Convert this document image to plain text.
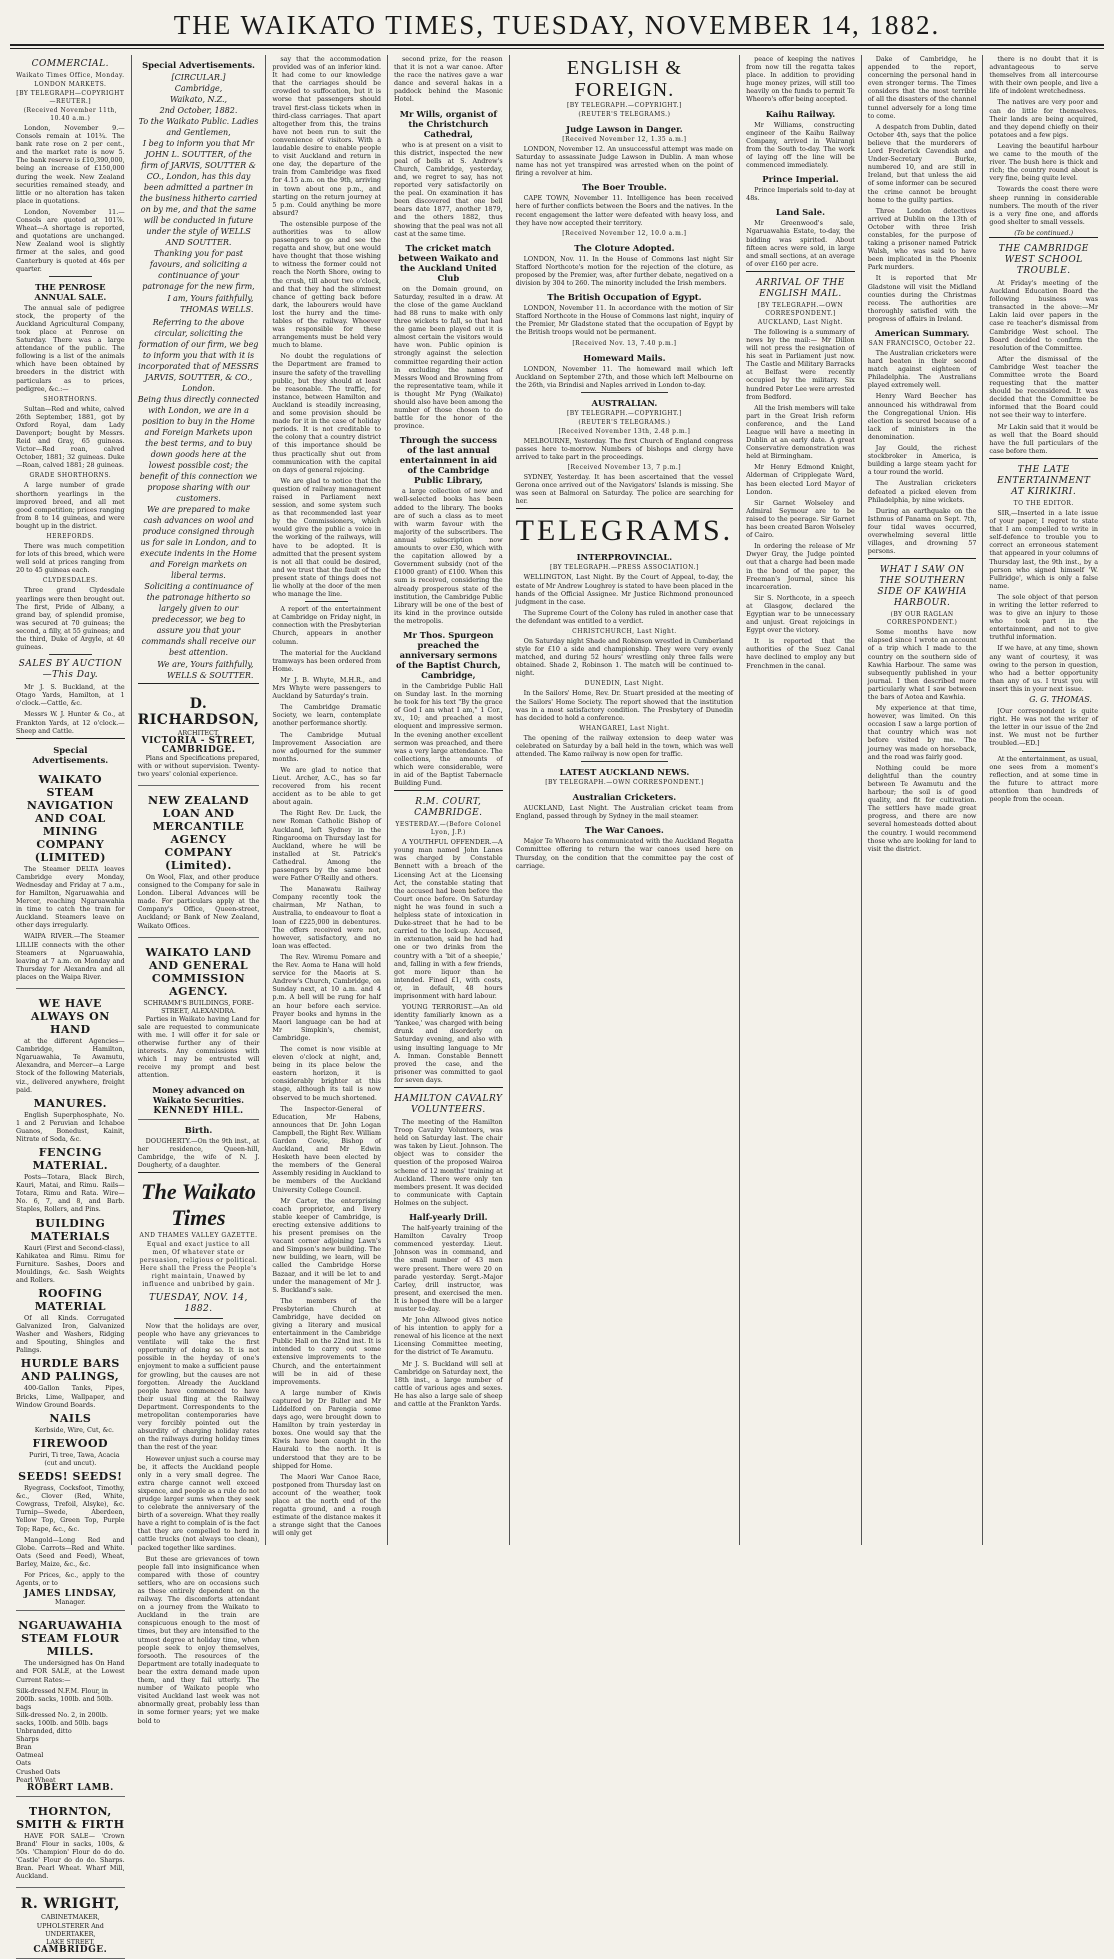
THE WAIKATO TIMES, TUESDAY, NOVEMBER 14, 1882.
COMMERCIAL.
Waikato Times Office, Monday.
LONDON MARKETS.
[BY TELEGRAPH—COPYRIGHT—REUTER.]
(Received November 11th, 10.40 a.m.)

London, November 9.—Consols remain at 101¾. The bank rate rose on 2 per cent., and the market rate is now 5. The bank reserve is £10,390,000, being an increase of £150,000 during the week. New Zealand securities remained steady, and little or no alteration has taken place in quotations.

London, November 11.—Consols are quoted at 101⅞. Wheat—A shortage is reported, and quotations are unchanged. New Zealand wool is slightly firmer at the sales, and good Canterbury is quoted at 46s per quarter.

THE PENROSE ANNUAL SALE.

The annual sale of pedigree stock, the property of the Auckland Agricultural Company, took place at Penrose on Saturday. There was a large attendance of the public. The following is a list of the animals which have been obtained by breeders in the district with particulars as to prices, pedigree, &c.:—

SHORTHORNS.

Sultan—Red and white, calved 26th September, 1881, got by Oxford Royal, dam Lady Davenport; bought by Messrs. Reid and Gray, 65 guineas. Victor—Red roan, calved October, 1881; 32 guineas. Duke—Roan, calved 1881; 28 guineas.

GRADE SHORTHORNS.

A large number of grade shorthorn yearlings in the improved breed, and all met good competition; prices ranging from 8 to 14 guineas, and were bought up in the district.

HEREFORDS.

There was much competition for lots of this breed, which were well sold at prices ranging from 20 to 45 guineas each.

CLYDESDALES.

Three grand Clydesdale yearlings were then brought out. The first, Pride of Albany, a grand bay, of splendid promise, was secured at 70 guineas; the second, a filly, at 55 guineas; and the third, Duke of Argyle, at 40 guineas.

SALES BY AUCTION—This Day.

Mr J. S. Buckland, at the Otago Yards, Hamilton, at 1 o'clock.—Cattle, &c.

Messrs W. J. Hunter & Co., at Frankton Yards, at 12 o'clock.—Sheep and Cattle.

Special Advertisements.
WAIKATO STEAM NAVIGATION AND COAL MINING COMPANY (LIMITED)

The Steamer DELTA leaves Cambridge every Monday, Wednesday and Friday at 7 a.m., for Hamilton, Ngaruawahia and Mercer, reaching Ngaruawahia in time to catch the train for Auckland. Steamers leave on other days irregularly.

WAIPA RIVER.—The Steamer LILLIE connects with the other Steamers at Ngaruawahia, leaving at 7 a.m. on Monday and Thursday for Alexandra and all places on the Waipa River.

WE HAVE ALWAYS ON HAND

at the different Agencies—Cambridge, Hamilton, Ngaruawahia, Te Awamutu, Alexandra, and Mercer—a Large Stock of the following Materials, viz., delivered anywhere, freight paid.

MANURES.

English Superphosphate, No. 1 and 2 Peruvian and Ichaboe Guanos, Bonedust, Kainit, Nitrate of Soda, &c.

FENCING MATERIAL.

Posts—Totara, Black Birch, Kauri, Matai, and Rimu. Rails—Totara, Rimu and Rata. Wire—No. 6, 7, and 8, and Barb. Staples, Rollers, and Pins.

BUILDING MATERIALS

Kauri (First and Second-class), Kahikatea and Rimu. Rimu for Furniture. Sashes, Doors and Mouldings, &c. Sash Weights and Rollers.

ROOFING MATERIAL

Of all Kinds. Corrugated Galvanized Iron, Galvanized Washer and Washers, Ridging and Spouting, Shingles and Palings.

HURDLE BARS AND PALINGS,

400-Gallon Tanks, Pipes, Bricks, Lime, Wallpaper, and Window Ground Boards.

NAILS

Kerbside, Wire, Cut, &c.

FIREWOOD

Puriri, Ti tree, Tawa, Acacia (cut and uncut).

SEEDS! SEEDS!

Ryegrass, Cocksfoot, Timothy, &c., Clover (Red, White, Cowgrass, Trefoil, Alsyke), &c. Turnip—Swede, Aberdeen, Yellow Top, Green Top, Purple Top; Rape, &c., &c.

Mangold—Long Red and Globe. Carrots—Red and White. Oats (Seed and Feed), Wheat, Barley, Maize, &c., &c.

For Prices, &c., apply to the Agents, or to

JAMES LINDSAY,
Manager.
NGARUAWAHIA STEAM FLOUR MILLS.

The undersigned has On Hand and FOR SALE, at the Lowest Current Rates:—

Silk-dressed N.F.M. Flour, in 200lb. sacks, 100lb. and 50lb. bags
Silk-dressed No. 2, in 200lb. sacks, 100lb. and 50lb. bags
Unbranded, ditto
Sharps
Bran
Oatmeal
Oats
Crushed Oats
Pearl Wheat
ROBERT LAMB.
THORNTON, SMITH & FIRTH

HAVE FOR SALE— 'Crown Brand' Flour in sacks, 100s, & 50s. 'Champion' Flour do do do. 'Castle' Flour do do do. Sharps. Bran. Pearl Wheat. Wharf Mill, Auckland.

R. WRIGHT,
CABINETMAKER, UPHOLSTERER And UNDERTAKER,
LAKE STREET,
CAMBRIDGE.
Special Advertisements.
[CIRCULAR.]
Cambridge,
Waikato, N.Z.,
2nd October, 1882.
To the Waikato Public. Ladies and Gentlemen,
I beg to inform you that Mr JOHN L. SOUTTER, of the firm of JARVIS, SOUTTER & CO., London, has this day been admitted a partner in the business hitherto carried on by me, and that the same will be conducted in future under the style of WELLS AND SOUTTER.
Thanking you for past favours, and soliciting a continuance of your patronage for the new firm,
I am, Yours faithfully,
THOMAS WELLS.
Referring to the above circular, soliciting the formation of our firm, we beg to inform you that with it is incorporated that of MESSRS JARVIS, SOUTTER, & CO., London.
Being thus directly connected with London, we are in a position to buy in the Home and Foreign Markets upon the best terms, and to buy down goods here at the lowest possible cost; the benefit of this connection we propose sharing with our customers.
We are prepared to make cash advances on wool and produce consigned through us for sale in London, and to execute indents in the Home and Foreign markets on liberal terms.
Soliciting a continuance of the patronage hitherto so largely given to our predecessor, we beg to assure you that your commands shall receive our best attention.
We are, Yours faithfully,
WELLS & SOUTTER.
D. RICHARDSON,
ARCHITECT,
VICTORIA - STREET, CAMBRIDGE.

Plans and Specifications prepared, with or without supervision. Twenty-two years' colonial experience.

NEW ZEALAND LOAN AND MERCANTILE AGENCY COMPANY (Limited).

On Wool, Flax, and other produce consigned to the Company for sale in London. Liberal Advances will be made. For particulars apply at the Company's Office, Queen-street, Auckland; or Bank of New Zealand, Waikato Offices.

WAIKATO LAND AND GENERAL COMMISSION AGENCY.
SCHRAMM'S BUILDINGS, FORE-STREET, ALEXANDRA.

Parties in Waikato having Land for sale are requested to communicate with me. I will offer it for sale or otherwise further any of their interests. Any commissions with which I may be entrusted will receive my prompt and best attention.

Money advanced on Waikato Securities.
KENNEDY HILL.
Birth.

DOUGHERTY.—On the 9th inst., at her residence, Queen-hill, Cambridge, the wife of N. J. Dougherty, of a daughter.

The Waikato Times
AND THAMES VALLEY GAZETTE.
Equal and exact justice to all men, Of whatever state or persuasion, religious or political. Here shall the Press the People's right maintain, Unawed by influence and unbribed by gain.
TUESDAY, NOV. 14, 1882.

Now that the holidays are over, people who have any grievances to ventilate will take the first opportunity of doing so. It is not possible in the heyday of one's enjoyment to make a sufficient pause for growling, but the causes are not forgotten. Already the Auckland people have commenced to have their usual fling at the Railway Department. Correspondents to the metropolitan contemporaries have very forcibly pointed out the absurdity of charging holiday rates on the railways during holiday times than the rest of the year.

However unjust such a course may be, it affects the Auckland people only in a very small degree. The extra charge cannot well exceed sixpence, and people as a rule do not grudge larger sums when they seek to celebrate the anniversary of the birth of a sovereign. What they really have a right to complain of is the fact that they are compelled to herd in cattle trucks (not always too clean), packed together like sardines.

But these are grievances of town people fall into insignificance when compared with those of country settlers, who are on occasions such as these entirely dependent on the railway. The discomforts attendant on a journey from the Waikato to Auckland in the train are conspicuous enough to the most of times, but they are intensified to the utmost degree at holiday time, when people seek to enjoy themselves, forsooth. The resources of the Department are totally inadequate to bear the extra demand made upon them, and they fail utterly. The number of Waikato people who visited Auckland last week was not abnormally great, probably less than in some former years; yet we make bold to

say that the accommodation provided was of an inferior kind. It had come to our knowledge that the carriages should be crowded to suffocation, but it is worse that passengers should travel first-class tickets when in third-class carriages. That apart altogether from this, the trains have not been run to suit the convenience of visitors. With a laudable desire to enable people to visit Auckland and return in one day, the departure of the train from Cambridge was fixed for 4.15 a.m. on the 9th, arriving in town about one p.m., and starting on the return journey at 5 p.m. Could anything be more absurd?

The ostensible purpose of the authorities was to allow passengers to go and see the regatta and show, but one would have thought that those wishing to witness the former could not reach the North Shore, owing to the crush, till about two o'clock, and that they had the slimmest chance of getting back before dark, the labourers would have lost the hurry and the time-tables of the railway. Whoever was responsible for these arrangements must be held very much to blame.

No doubt the regulations of the Department are framed to insure the safety of the travelling public, but they should at least be reasonable. The traffic, for instance, between Hamilton and Auckland is steadily increasing, and some provision should be made for it in the case of holiday periods. It is not creditable to the colony that a country district of this importance should be thus practically shut out from communication with the capital on days of general rejoicing.

We are glad to notice that the question of railway management raised in Parliament next session, and some system such as that recommended last year by the Commissioners, which would give the public a voice in the working of the railways, will have to be adopted. It is admitted that the present system is not all that could be desired, and we trust that the fault of the present state of things does not lie wholly at the door of the men who manage the line.

A report of the entertainment at Cambridge on Friday night, in connection with the Presbyterian Church, appears in another column.

The material for the Auckland tramways has been ordered from Home.

Mr J. B. Whyte, M.H.R., and Mrs Whyte were passengers to Auckland by Saturday's train.

The Cambridge Dramatic Society, we learn, contemplate another performance shortly.

The Cambridge Mutual Improvement Association are now adjourned for the summer months.

We are glad to notice that Lieut. Archer, A.C., has so far recovered from his recent accident as to be able to get about again.

The Right Rev. Dr. Luck, the new Roman Catholic Bishop of Auckland, left Sydney in the Ringarooma on Thursday last for Auckland, where he will be installed at St. Patrick's Cathedral. Among the passengers by the same boat were Father O'Reilly and others.

The Manawatu Railway Company recently took the chairman, Mr Nathan, to Australia, to endeavour to float a loan of £225,000 in debentures. The offers received were not, however, satisfactory, and no loan was effected.

The Rev. Wiremu Pomare and the Rev. Aoma te Hana will hold service for the Maoris at S. Andrew's Church, Cambridge, on Sunday next, at 10 a.m. and 4 p.m. A bell will be rung for half an hour before each service. Prayer books and hymns in the Maori language can be had at Mr Simpkin's, chemist, Cambridge.

The comet is now visible at eleven o'clock at night, and, being in its place below the eastern horizon, it is considerably brighter at this stage, although its tail is now observed to be much shortened.

The Inspector-General of Education, Mr Habens, announces that Dr. John Logan Campbell, the Right Rev. William Garden Cowie, Bishop of Auckland, and Mr Edwin Hesketh have been elected by the members of the General Assembly residing in Auckland to be members of the Auckland University College Council.

Mr Carter, the enterprising coach proprietor, and livery stable keeper of Cambridge, is erecting extensive additions to his present premises on the vacant corner adjoining Lawn's and Simpson's new building. The new building, we learn, will be called the Cambridge Horse Bazaar, and it will be let to and under the management of Mr J. S. Buckland's sale.

The members of the Presbyterian Church at Cambridge, have decided on giving a literary and musical entertainment in the Cambridge Public Hall on the 22nd inst. It is intended to carry out some extensive improvements to the Church, and the entertainment will be in aid of these improvements.

A large number of Kiwis captured by Dr Buller and Mr Liddelford on Parengia some days ago, were brought down to Hamilton by train yesterday in boxes. One would say that the Kiwis have been caught in the Hauraki to the north. It is understood that they are to be shipped for Home.

The Maori War Canoe Race, postponed from Thursday last on account of the weather, took place at the north end of the regatta ground, and a rough estimate of the distance makes it a strange sight that the Canoes will only get

second prize, for the reason that it is not a war canoe. After the race the natives gave a war dance and several hakas in a paddock behind the Masonic Hotel.

Mr Wills, organist of the Christchurch Cathedral,

who is at present on a visit to this district, inspected the new peal of bells at S. Andrew's Church, Cambridge, yesterday, and, we regret to say, has not reported very satisfactorily on the peal. On examination it has been discovered that one bell bears date 1877, another 1879, and the others 1882, thus showing that the peal was not all cast at the same time.

The cricket match between Waikato and the Auckland United Club

on the Domain ground, on Saturday, resulted in a draw. At the close of the game Auckland had 88 runs to make with only three wickets to fall, so that had the game been played out it is almost certain the visitors would have won. Public opinion is strongly against the selection committee regarding their action in excluding the names of Messrs Wood and Browning from the representative team, while it is thought Mr Pyng (Waikato) should also have been among the number of those chosen to do battle for the honor of the province.

Through the success of the last annual entertainment in aid of the Cambridge Public Library,

a large collection of new and well-selected books has been added to the library. The books are of such a class as to meet with warm favour with the majority of the subscribers. The annual subscription now amounts to over £30, which with the capitation allowed by a Government subsidy (not of the £1000 grant) of £100. When this sum is received, considering the already prosperous state of the institution, the Cambridge Public Library will be one of the best of its kind in the province outside the metropolis.

Mr Thos. Spurgeon preached the anniversary sermons of the Baptist Church, Cambridge,

in the Cambridge Public Hall on Sunday last. In the morning he took for his text "By the grace of God I am what I am," 1 Cor., xv., 10; and preached a most eloquent and impressive sermon. In the evening another excellent sermon was preached, and there was a very large attendance. The collections, the amounts of which were considerable, were in aid of the Baptist Tabernacle Building Fund.

R.M. COURT, CAMBRIDGE.
YESTERDAY.—(Before Colonel Lyon, J.P.)

A YOUTHFUL OFFENDER.—A young man named John Lanes was charged by Constable Bennett with a breach of the Licensing Act at the Licensing Act, the constable stating that the accused had been before the Court once before. On Saturday night he was found in such a helpless state of intoxication in Duke-street that he had to be carried to the lock-up. Accused, in extenuation, said he had had one or two drinks from the country with a 'bit of a sheepie,' and, falling in with a few friends, got more liquor than he intended. Fined £1, with costs, or, in default, 48 hours imprisonment with hard labour.

YOUNG TERRORIST.—An old identity familiarly known as a 'Yankee,' was charged with being drunk and disorderly on Saturday evening, and also with using insulting language to Mr A. Inman. Constable Bennett proved the case, and the prisoner was committed to gaol for seven days.

HAMILTON CAVALRY VOLUNTEERS.

The meeting of the Hamilton Troop Cavalry Volunteers, was held on Saturday last. The chair was taken by Lieut. Johnson. The object was to consider the question of the proposed Wairoa scheme of 12 months' training at Auckland. There were only ten members present. It was decided to communicate with Captain Holmes on the subject.

Half-yearly Drill.

The half-yearly training of the Hamilton Cavalry Troop commenced yesterday. Lieut. Johnson was in command, and the small number of 43 men were present. There were 20 on parade yesterday. Sergt.-Major Carley, drill instructor, was present, and exercised the men. It is hoped there will be a larger muster to-day.

Mr John Allwood gives notice of his intention to apply for a renewal of his licence at the next Licensing Committee meeting, for the district of Te Awamutu.

Mr J. S. Buckland will sell at Cambridge on Saturday next, the 18th inst., a large number of cattle of various ages and sexes. He has also a large sale of sheep and cattle at the Frankton Yards.

ENGLISH & FOREIGN.
[BY TELEGRAPH.—COPYRIGHT.]
(REUTER'S TELEGRAMS.)
Judge Lawson in Danger.
[Received November 12, 1.35 a.m.]

LONDON, November 12. An unsuccessful attempt was made on Saturday to assassinate Judge Lawson in Dublin. A man whose name has not yet transpired was arrested when on the point of firing a revolver at him.

The Boer Trouble.

CAPE TOWN, November 11. Intelligence has been received here of further conflicts between the Boers and the natives. In the recent engagement the latter were defeated with heavy loss, and they have now accepted their territory.

[Received November 12, 10.0 a.m.]
The Cloture Adopted.

LONDON, Nov. 11. In the House of Commons last night Sir Stafford Northcote's motion for the rejection of the cloture, as proposed by the Premier, was, after further debate, negatived on a division by 304 to 260. The minority included the Irish members.

The British Occupation of Egypt.

LONDON, November 11. In accordance with the motion of Sir Stafford Northcote in the House of Commons last night, inquiry of the Premier, Mr Gladstone stated that the occupation of Egypt by the British troops would not be permanent.

[Received Nov. 13, 7.40 p.m.]
Homeward Mails.

LONDON, November 11. The homeward mail which left Auckland on September 27th, and those which left Melbourne on the 26th, via Brindisi and Naples arrived in London to-day.

AUSTRALIAN.
[BY TELEGRAPH.—COPYRIGHT.]
(REUTER'S TELEGRAMS.)
[Received November 13th, 2.48 p.m.]

MELBOURNE, Yesterday. The first Church of England congress passes here to-morrow. Numbers of bishops and clergy have arrived to take part in the proceedings.

[Received November 13, 7 p.m.]

SYDNEY, Yesterday. It has been ascertained that the vessel Gerona once arrived out of the Navigators' Islands is missing. She was seen at Balmoral on Saturday. The police are searching for her.

TELEGRAMS.
INTERPROVINCIAL.
[BY TELEGRAPH.—PRESS ASSOCIATION.]

WELLINGTON, Last Night. By the Court of Appeal, to-day, the estate of Mr Andrew Loughrey is stated to have been placed in the hands of the Official Assignee. Mr Justice Richmond pronounced judgment in the case.

The Supreme Court of the Colony has ruled in another case that the defendant was entitled to a verdict.

CHRISTCHURCH, Last Night.

On Saturday night Shade and Robinson wrestled in Cumberland style for £10 a side and championship. They were very evenly matched, and during 52 hours' wrestling only three falls were obtained. Shade 2, Robinson 1. The match will be continued to-night.

DUNEDIN, Last Night.

In the Sailors' Home, Rev. Dr. Stuart presided at the meeting of the Sailors' Home Society. The report showed that the institution was in a most satisfactory condition. The Presbytery of Dunedin has decided to hold a conference.

WHANGAREI, Last Night.

The opening of the railway extension to deep water was celebrated on Saturday by a ball held in the town, which was well attended. The Kamo railway is now open for traffic.

LATEST AUCKLAND NEWS.
[BY TELEGRAPH.—OWN CORRESPONDENT.]
Australian Cricketers.

AUCKLAND, Last Night. The Australian cricket team from England, passed through by Sydney in the mail steamer.

The War Canoes.

Major Te Wheoro has communicated with the Auckland Regatta Committee offering to return the war canoes used here on Thursday, on the condition that the committee pay the cost of carriage.

peace of keeping the natives from now till the regatta takes place. In addition to providing huge money prizes, will still too heavily on the funds to permit Te Wheoro's offer being accepted.

Kaihu Railway.

Mr Williams, constructing engineer of the Kaihu Railway Company, arrived in Wairangi from the South to-day. The work of laying off the line will be commenced immediately.

Prince Imperial.

Prince Imperials sold to-day at 48s.

Land Sale.

Mr Greenwood's sale, Ngaruawahia Estate, to-day, the bidding was spirited. About fifteen acres were sold, in large and small sections, at an average of over £160 per acre.

ARRIVAL OF THE ENGLISH MAIL.
[BY TELEGRAPH.—OWN CORRESPONDENT.]
AUCKLAND, Last Night.

The following is a summary of news by the mail:— Mr Dillon will not press the resignation of his seat in Parliament just now. The Castle and Military Barracks at Belfast were recently occupied by the military. Six hundred Peter Lee were arrested from Bedford.

All the Irish members will take part in the Great Irish reform conference, and the Land League will have a meeting in Dublin at an early date. A great Conservative demonstration was held at Birmingham.

Mr Henry Edmond Knight, Alderman of Cripplegate Ward, has been elected Lord Mayor of London.

Sir Garnet Wolseley and Admiral Seymour are to be raised to the peerage. Sir Garnet has been created Baron Wolseley of Cairo.

In ordering the release of Mr Dwyer Gray, the Judge pointed out that a charge had been made in the bond of the paper, the Freeman's Journal, since his incarceration.

Sir S. Northcote, in a speech at Glasgow, declared the Egyptian war to be unnecessary and unjust. Great rejoicings in Egypt over the victory.

It is reported that the authorities of the Suez Canal have declined to employ any but Frenchmen in the canal.

Dake of Cambridge, he appended to the report, concerning the personal hand in even stronger terms. The Times considers that the most terrible of all the disasters of the channel tunnel adversely for a long time to come.

A despatch from Dublin, dated October 4th, says that the police believe that the murderers of Lord Frederick Cavendish and Under-Secretary Burke, numbered 10, and are still in Ireland, but that unless the aid of some informer can be secured the crime cannot be brought home to the guilty parties.

Three London detectives arrived at Dublin on the 13th of October with three Irish constables, for the purpose of taking a prisoner named Patrick Walsh, who was said to have been implicated in the Phoenix Park murders.

It is reported that Mr Gladstone will visit the Midland counties during the Christmas recess. The authorities are thoroughly satisfied with the progress of affairs in Ireland.

American Summary.
SAN FRANCISCO, October 22.

The Australian cricketers were hard beaten in their second match against eighteen of Philadelphia. The Australians played extremely well.

Henry Ward Beecher has announced his withdrawal from the Congregational Union. His election is secured because of a lack of ministers in the denomination.

Jay Gould, the richest stockbroker in America, is building a large steam yacht for a tour round the world.

The Australian cricketers defeated a picked eleven from Philadelphia, by nine wickets.

During an earthquake on the Isthmus of Panama on Sept. 7th, four tidal waves occurred, overwhelming several little villages, and drowning 57 persons.

WHAT I SAW ON THE SOUTHERN SIDE OF KAWHIA HARBOUR.
(BY OUR RAGLAN CORRESPONDENT.)

Some months have now elapsed since I wrote an account of a trip which I made to the country on the southern side of Kawhia Harbour. The same was subsequently published in your journal. I then described more particularly what I saw between the bars of Aotea and Kawhia.

My experience at that time, however, was limited. On this occasion I saw a large portion of that country which was not before visited by me. The journey was made on horseback, and the road was fairly good.

Nothing could be more delightful than the country between Te Awamutu and the harbour; the soil is of good quality, and fit for cultivation. The settlers have made great progress, and there are now several homesteads dotted about the country. I would recommend those who are looking for land to visit the district.

there is no doubt that it is advantageous to serve themselves from all intercourse with their own people, and live a life of indolent wretchedness.

The natives are very poor and can do little for themselves. Their lands are being acquired, and they depend chiefly on their potatoes and a few pigs.

Leaving the beautiful harbour we came to the mouth of the river. The bush here is thick and rich; the country round about is very fine, being quite level.

Towards the coast there were sheep running in considerable numbers. The mouth of the river is a very fine one, and affords good shelter to small vessels.

(To be continued.)
THE CAMBRIDGE WEST SCHOOL TROUBLE.

At Friday's meeting of the Auckland Education Board the following business was transacted in the above:—Mr Lakin laid over papers in the case re teacher's dismissal from Cambridge West school. The Board decided to confirm the resolution of the Committee.

After the dismissal of the Cambridge West teacher the Committee wrote the Board requesting that the matter should be reconsidered. It was decided that the Committee be informed that the Board could not see their way to interfere.

Mr Lakin said that it would be as well that the Board should have the full particulars of the case before them.

THE LATE ENTERTAINMENT AT KIRIKIRI.
TO THE EDITOR.

SIR,—Inserted in a late issue of your paper, I regret to state that I am compelled to write in self-defence to trouble you to correct an erroneous statement that appeared in your columns of Thursday last, the 9th inst., by a person who signed himself 'W. Fullridge', which is only a false name.

The sole object of that person in writing the letter referred to was to give an injury to those who took part in the entertainment, and not to give truthful information.

If we have, at any time, shown any want of courtesy, it was owing to the person in question, who had a better opportunity than any of us. I trust you will insert this in your next issue.

G. G. THOMAS.

[Our correspondent is quite right. He was not the writer of the letter in our issue of the 2nd inst. We must not be further troubled.—ED.]

At the entertainment, as usual, one sees from a moment's reflection, and at some time in the future to attract more attention than hundreds of people from the ocean.
